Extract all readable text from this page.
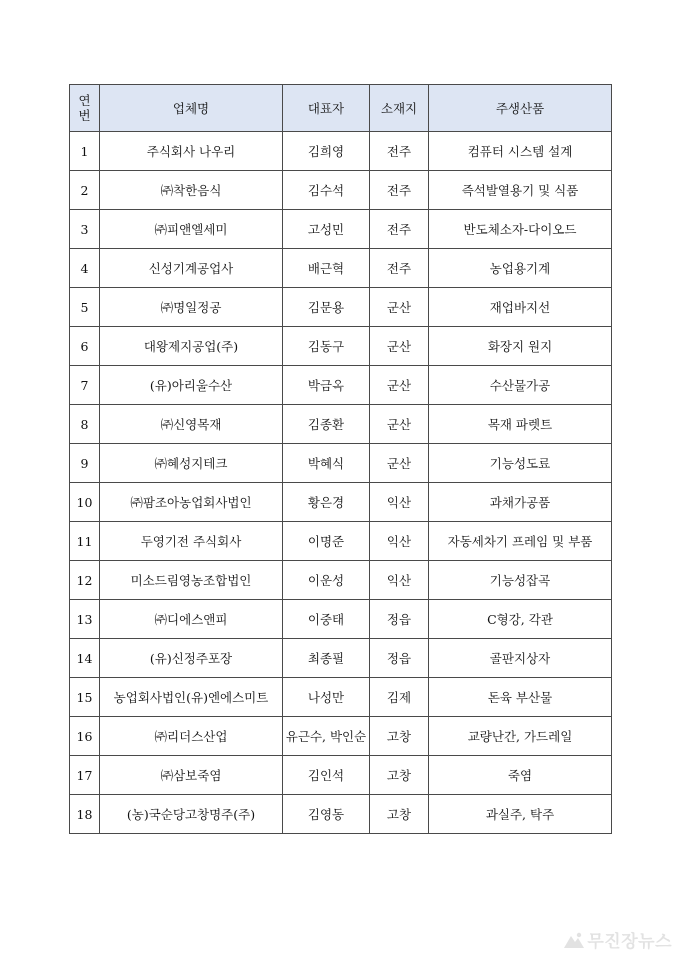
연
번	업체명	대표자	소재지	주생산품
1	주식회사 나우리	김희영	전주	컴퓨터 시스템 설계
2	㈜착한음식	김수석	전주	즉석발열용기 및 식품
3	㈜피앤엘세미	고성민	전주	반도체소자-다이오드
4	신성기계공업사	배근혁	전주	농업용기계
5	㈜명일정공	김문용	군산	재업바지선
6	대왕제지공업(주)	김동구	군산	화장지 원지
7	(유)아리울수산	박금옥	군산	수산물가공
8	㈜신영목재	김종환	군산	목재 파렛트
9	㈜혜성지테크	박혜식	군산	기능성도료
10	㈜팜조아농업회사법인	황은경	익산	과채가공품
11	두영기전 주식회사	이명준	익산	자동세차기 프레임 및 부품
12	미소드림영농조합법인	이운성	익산	기능성잡곡
13	㈜디에스앤피	이중태	정읍	C형강, 각관
14	(유)신정주포장	최종필	정읍	골판지상자
15	농업회사법인(유)엔에스미트	나성만	김제	돈육 부산물
16	㈜리더스산업	유근수, 박인순	고창	교량난간, 가드레일
17	㈜삼보죽염	김인석	고창	죽염
18	(농)국순당고창명주(주)	김영동	고창	과실주, 탁주
무진장뉴스
